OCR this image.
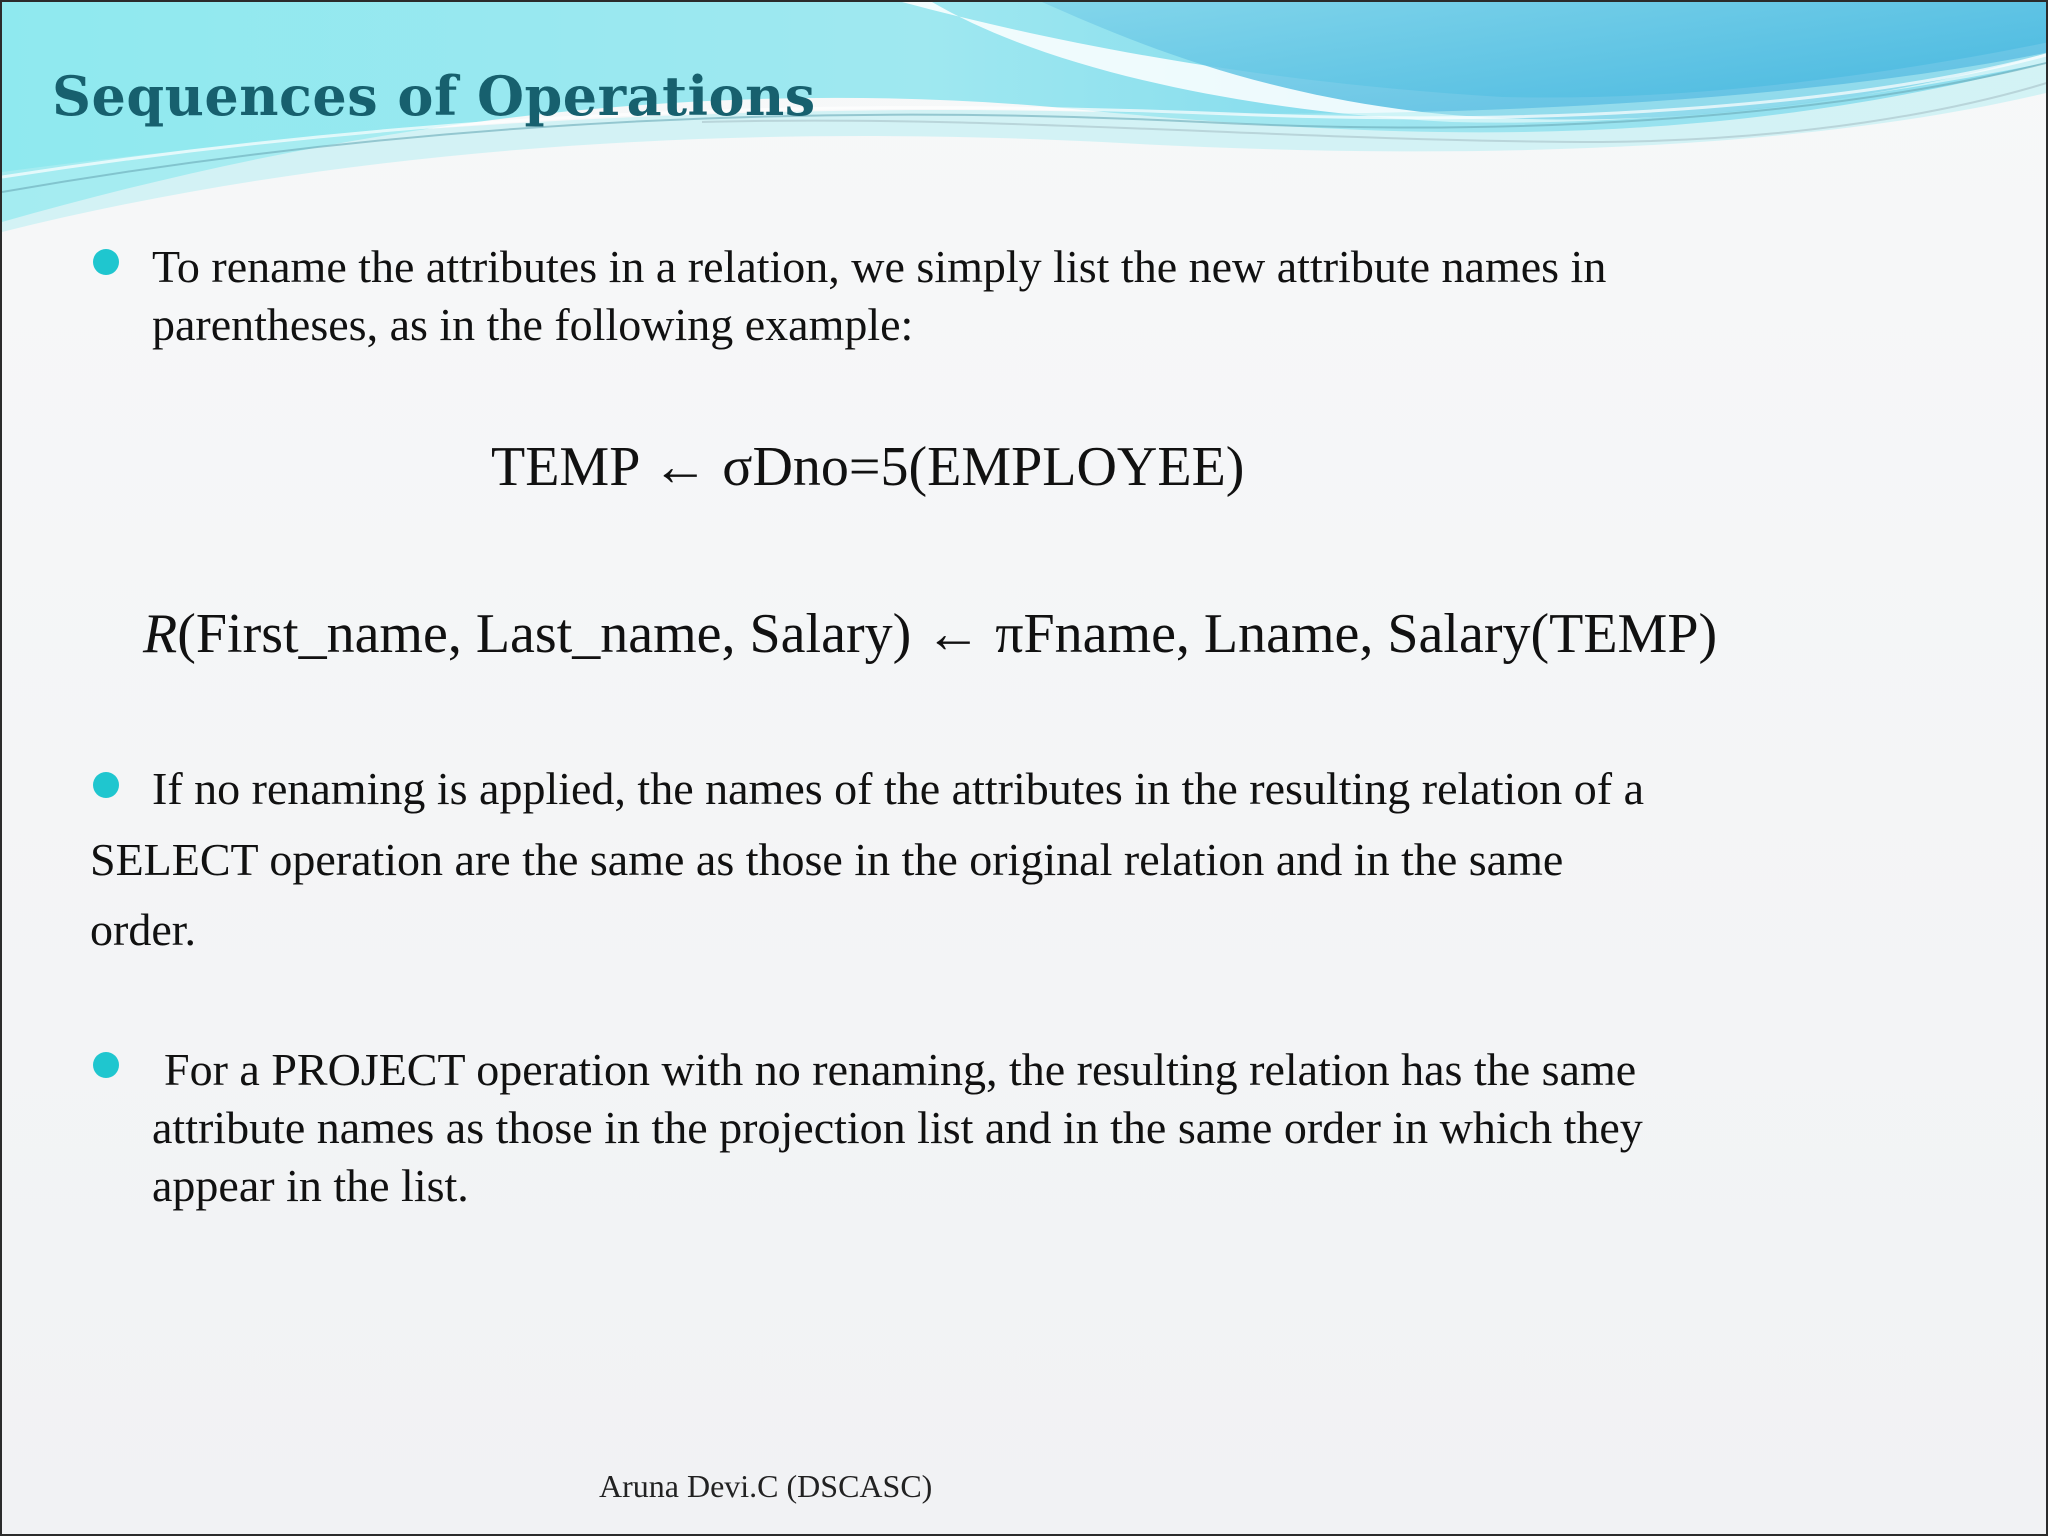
Sequences of Operations

To rename the attributes in a relation, we simply list the new attribute names in
parentheses, as in the following example:

TEMP ← σDno=5(EMPLOYEE)

R(First_name, Last_name, Salary) ← πFname, Lname, Salary(TEMP)

If no renaming is applied, the names of the attributes in the resulting relation of a

SELECT operation are the same as those in the original relation and in the same
order.

For a PROJECT operation with no renaming, the resulting relation has the same
attribute names as those in the projection list and in the same order in which they
appear in the list.

Aruna Devi.C (DSCASC)
